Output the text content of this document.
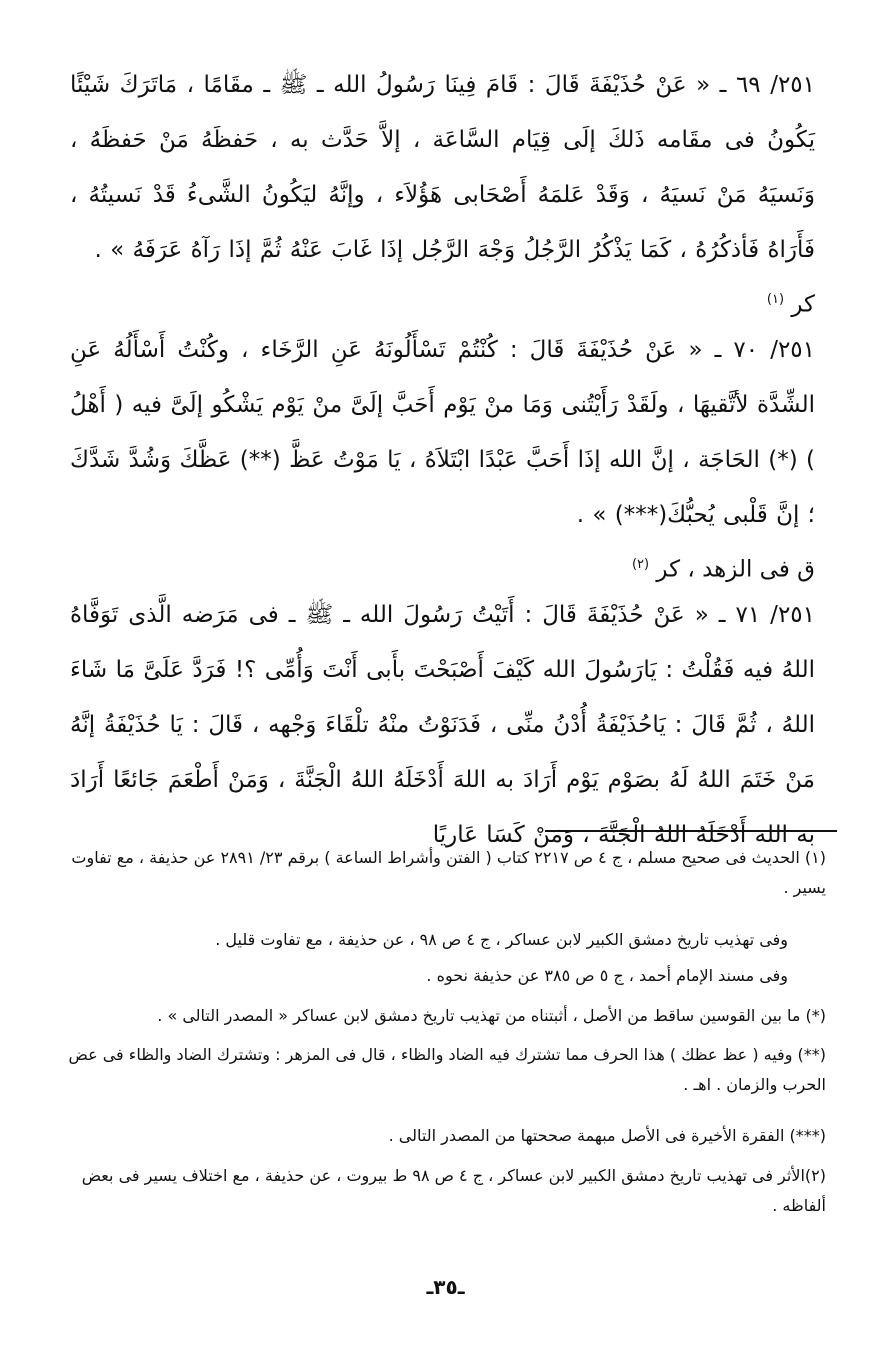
٢٥١/ ٦٩ ـ « عَنْ حُذَيْفَةَ قَالَ : قَامَ فِينَا رَسُولُ الله ـ ﷺ ـ مقَامًا ، مَاتَرَكَ شَيْئًا يَكُونُ فى مقَامه ذَلكَ إلَى قِيَام السَّاعَة ، إلاَّ حَدَّث به ، حَفظَهُ مَنْ حَفظَهُ ، وَنَسيَهُ مَنْ نَسيَهُ ، وَقَدْ عَلمَهُ أَصْحَابى هَؤُلاَء ، وإنَّهُ ليَكُونُ الشَّىءُ قَدْ نَسيتُهُ ، فَأَرَاهُ فَأذكُرُهُ ، كَمَا يَذْكُرُ الرَّجُلُ وَجْهَ الرَّجُل إذَا غَابَ عَنْهُ ثُمَّ إذَا رَآهُ عَرَفَهُ » .
كر $^{(١)}$
٢٥١/ ٧٠ ـ « عَنْ حُذَيْفَةَ قَالَ : كُنْتُمْ تَسْأَلُونَهُ عَنِ الرَّخَاء ، وكُنْتُ أَسْأَلُهُ عَنِ الشِّدَّة لأتَّقيهَا ، ولَقَدْ رَأَيْتُنى وَمَا منْ يَوْم أَحَبَّ إلَىَّ منْ يَوْم يَشْكُو إلَىَّ فيه ( أَهْلُ ) (*) الحَاجَة ، إنَّ الله إذَا أَحَبَّ عَبْدًا ابْتَلاَهُ ، يَا مَوْتُ عَظَّ (**) عَظَّكَ وَشُدَّ شَدَّكَ ؛ إنَّ قَلْبى يُحبُّكَ(***) » .
ق فى الزهد ، كر $^{(٢)}$
٢٥١/ ٧١ ـ « عَنْ حُذَيْفَةَ قَالَ : أَتَيْتُ رَسُولَ الله ـ ﷺ ـ فى مَرَضه الَّذى تَوَفَّاهُ اللهُ فيه فَقُلْتُ : يَارَسُولَ الله كَيْفَ أَصْبَحْتَ بأَبى أَنْتَ وَأُمِّى ؟! فَرَدَّ عَلَىَّ مَا شَاءَ اللهُ ، ثُمَّ قَالَ : يَاحُذَيْفَةُ أُدْنُ منِّى ، فَدَنَوْتُ منْهُ تلْقَاءَ وَجْهه ، قَالَ : يَا حُذَيْفَةُ إنَّهُ مَنْ خَتَمَ اللهُ لَهُ بصَوْم يَوْم أَرَادَ به اللهَ أَدْخَلَهُ اللهُ الْجَنَّةَ ، وَمَنْ أَطْعَمَ جَائعًا أَرَادَ به الله أَدْخَلَهُ اللهُ الْجَنَّةَ ، وَمَنْ كَسَا عَاريًا
(١) الحديث فى صحيح مسلم ، ج ٤ ص ٢٢١٧ كتاب ( الفتن وأشراط الساعة ) برقم ٢٣/ ٢٨٩١ عن حذيفة ، مع تفاوت يسير .
وفى تهذيب تاريخ دمشق الكبير لابن عساكر ، ج ٤ ص ٩٨ ، عن حذيفة ، مع تفاوت قليل .
وفى مسند الإمام أحمد ، ج ٥ ص ٣٨٥ عن حذيفة نحوه .
(*) ما بين القوسين ساقط من الأصل ، أثبتناه من تهذيب تاريخ دمشق لابن عساكر « المصدر التالى » .
(**) وفيه ( عظ عظك ) هذا الحرف مما تشترك فيه الضاد والظاء ، قال فى المزهر : وتشترك الضاد والظاء فى عض الحرب والزمان . اهـ .
(***) الفقرة الأخيرة فى الأصل مبهمة صححتها من المصدر التالى .
(٢)الأثر فى تهذيب تاريخ دمشق الكبير لابن عساكر ، ج ٤ ص ٩٨ ط بيروت ، عن حذيفة ، مع اختلاف يسير فى بعض ألفاظه .
ـ٣٥ـ
